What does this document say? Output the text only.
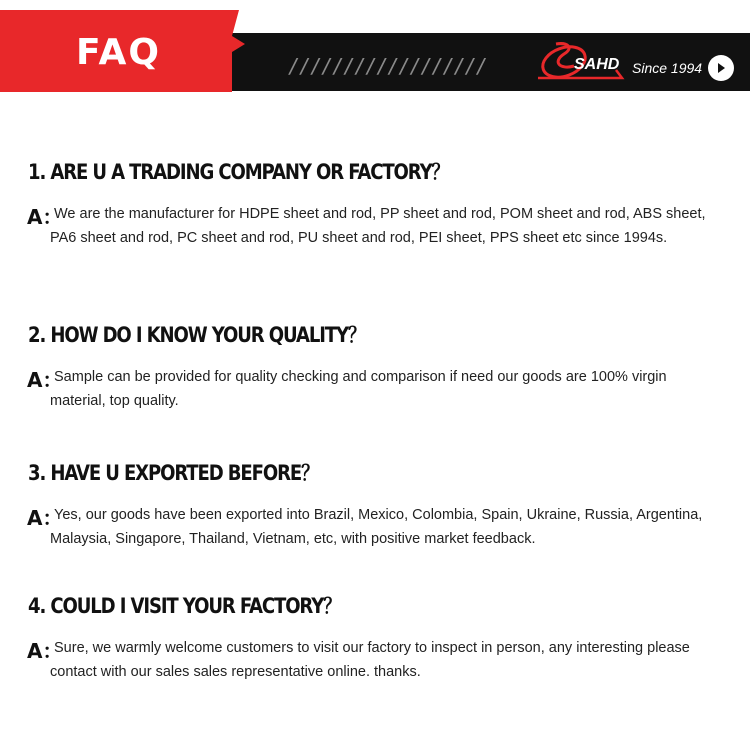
FAQ	//////////////////	SAHD Since 1994
1. ARE U A TRADING COMPANY OR FACTORY？
A：
We are the manufacturer for HDPE sheet and rod, PP sheet and rod, POM sheet and rod, ABS sheet, PA6 sheet and rod, PC sheet and rod, PU sheet and rod, PEI sheet, PPS sheet etc since 1994s.
2. HOW DO I KNOW YOUR QUALITY？
A：
Sample can be provided for quality checking and comparison if need our goods are 100% virgin material, top quality.
3. HAVE U EXPORTED BEFORE？
A：
Yes, our goods have been exported into Brazil, Mexico, Colombia, Spain, Ukraine, Russia, Argentina, Malaysia, Singapore, Thailand, Vietnam, etc, with positive market feedback.
4. COULD I VISIT YOUR FACTORY？
A：
Sure, we warmly welcome customers to visit our factory to inspect in person, any interesting please contact with our sales sales representative online. thanks.
